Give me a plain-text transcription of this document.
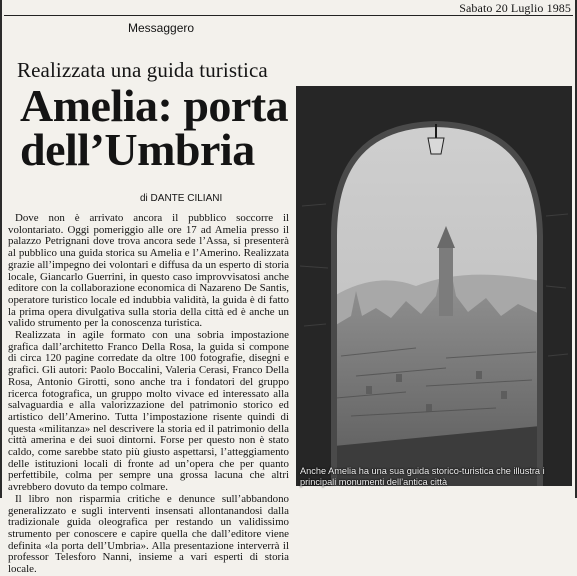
Sabato 20 Luglio 1985
Messaggero
Realizzata una guida turistica
Amelia: porta
dell’Umbria
di DANTE CILIANI

Dove non è arrivato ancora il pubblico soccorre il volontariato. Oggi pomeriggio alle ore 17 ad Amelia presso il palazzo Petrignani dove trova ancora sede l’Assa, si presenterà al pubblico una guida storica su Amelia e l’Amerino. Realizzata grazie all’impegno dei volontari e diffusa da un esperto di storia locale, Giancarlo Guerrini, in questo caso improvvisatosi anche editore con la collaborazione economica di Nazareno De Santis, operatore turistico locale ed indubbia validità, la guida è di fatto la prima opera divulgativa sulla storia della città ed è anche un valido strumento per la conoscenza turistica.

Realizzata in agile formato con una sobria impostazione grafica dall’architetto Franco Della Rosa, la guida si compone di circa 120 pagine corredate da oltre 100 fotografie, disegni e grafici. Gli autori: Paolo Boccalini, Valeria Cerasi, Franco Della Rosa, Antonio Girotti, sono anche tra i fondatori del gruppo ricerca fotografica, un gruppo molto vivace ed interessato alla salvaguardia e alla valorizzazione del patrimonio storico ed artistico dell’Amerino. Tutta l’impostazione risente quindi di questa «militanza» nel descrivere la storia ed il patrimonio della città amerina e dei suoi dintorni. Forse per questo non è stato caldo, come sarebbe stato più giusto aspettarsi, l’atteggiamento delle istituzioni locali di fronte ad un’opera che per quanto perfettibile, colma per sempre una grossa lacuna che altri avrebbero dovuto da tempo colmare.

Il libro non risparmia critiche e denunce sull’abbandono generalizzato e sugli interventi insensati allontanandosi dalla tradizionale guida oleografica per restando un validissimo strumento per conoscere e capire quella che dall’editore viene definita «la porta dell’Umbria». Alla presentazione interverrà il professor Telesforo Nanni, insieme a vari esperti di storia locale.

Anche Amelia ha una sua guida storico-turistica che illustra i principali monumenti dell’antica città
